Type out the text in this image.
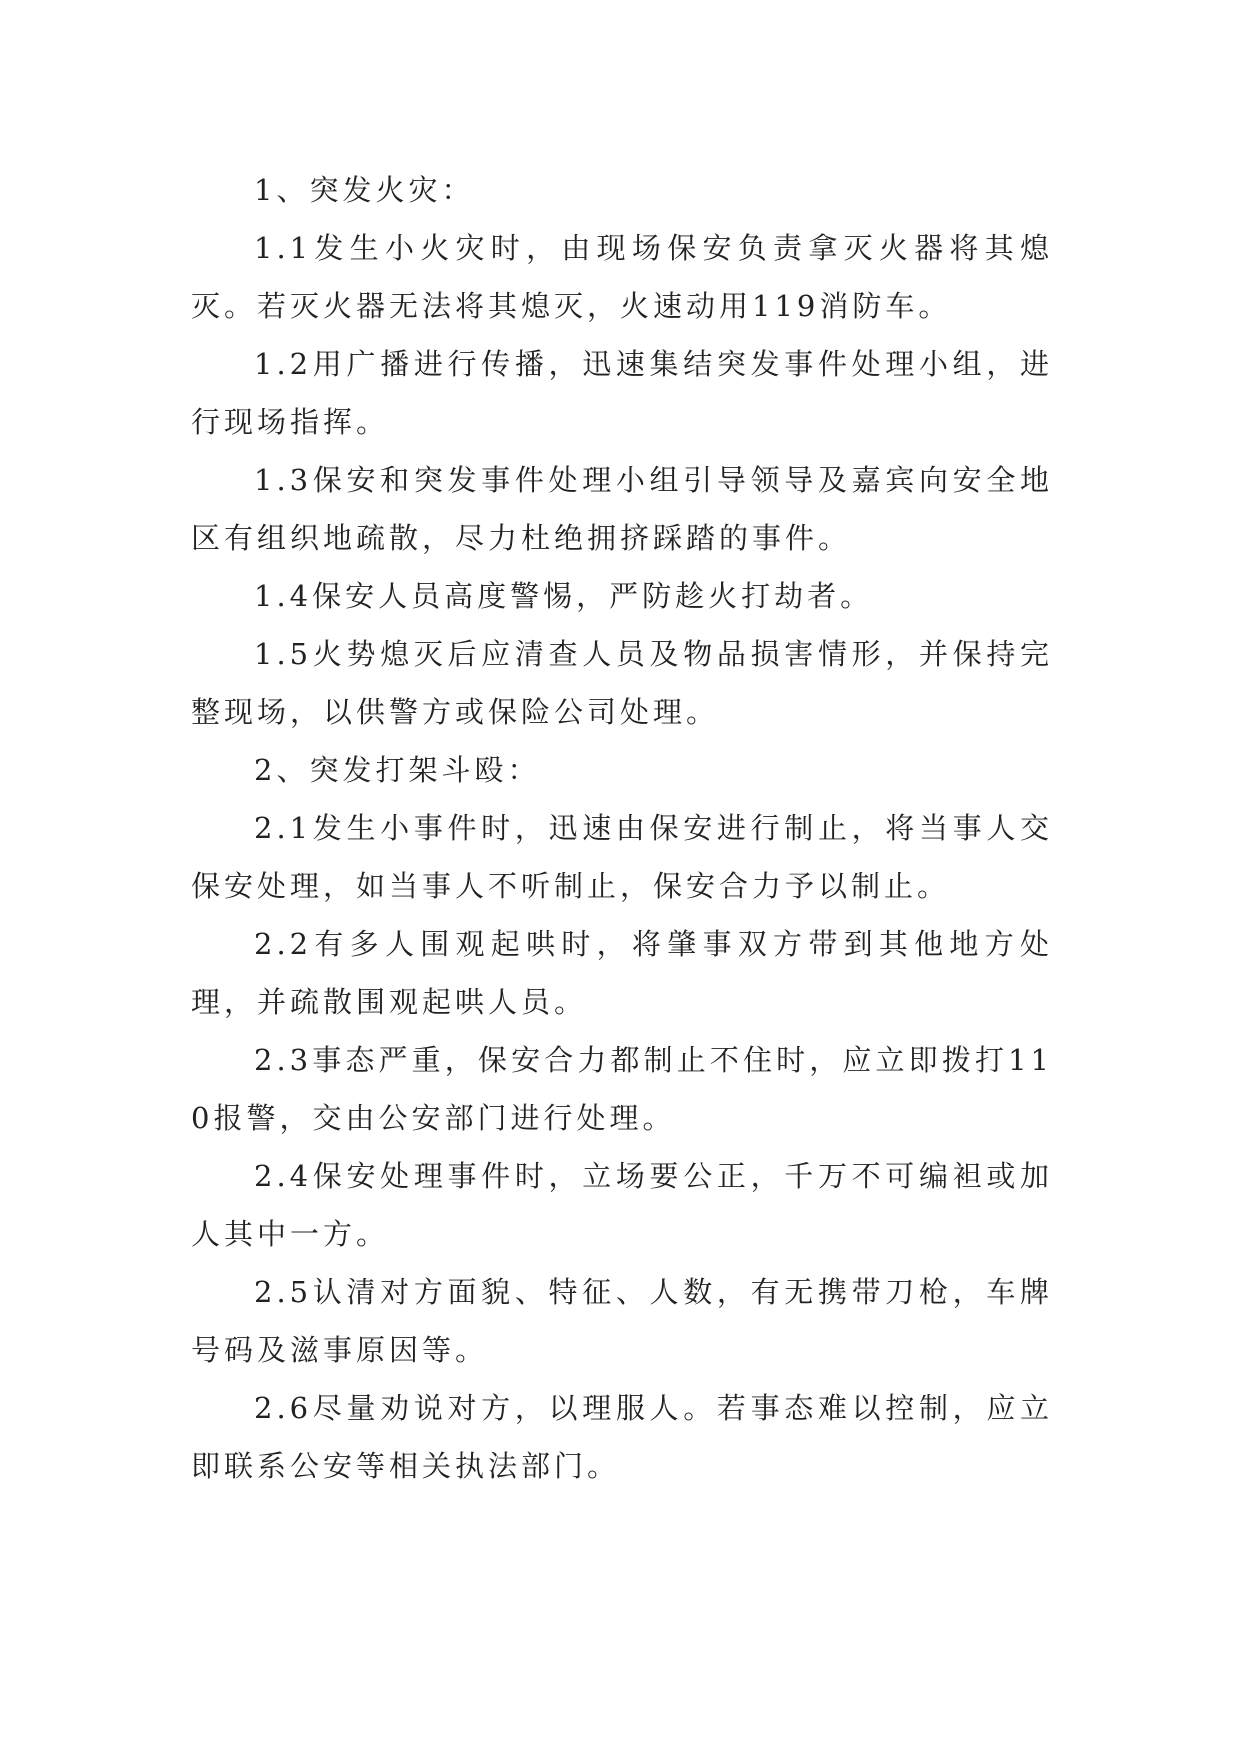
1、突发火灾：

1.1发生小火灾时，由现场保安负责拿灭火器将其熄灭。若灭火器无法将其熄灭，火速动用119消防车。

1.2用广播进行传播，迅速集结突发事件处理小组，进行现场指挥。

1.3保安和突发事件处理小组引导领导及嘉宾向安全地区有组织地疏散，尽力杜绝拥挤踩踏的事件。

1.4保安人员高度警惕，严防趁火打劫者。

1.5火势熄灭后应清查人员及物品损害情形，并保持完整现场，以供警方或保险公司处理。

2、突发打架斗殴：

2.1发生小事件时，迅速由保安进行制止，将当事人交保安处理，如当事人不听制止，保安合力予以制止。

2.2有多人围观起哄时，将肇事双方带到其他地方处理，并疏散围观起哄人员。

2.3事态严重，保安合力都制止不住时，应立即拨打110报警，交由公安部门进行处理。

2.4保安处理事件时，立场要公正，千万不可编袒或加人其中一方。

2.5认清对方面貌、特征、人数，有无携带刀枪，车牌号码及滋事原因等。

2.6尽量劝说对方，以理服人。若事态难以控制，应立即联系公安等相关执法部门。
